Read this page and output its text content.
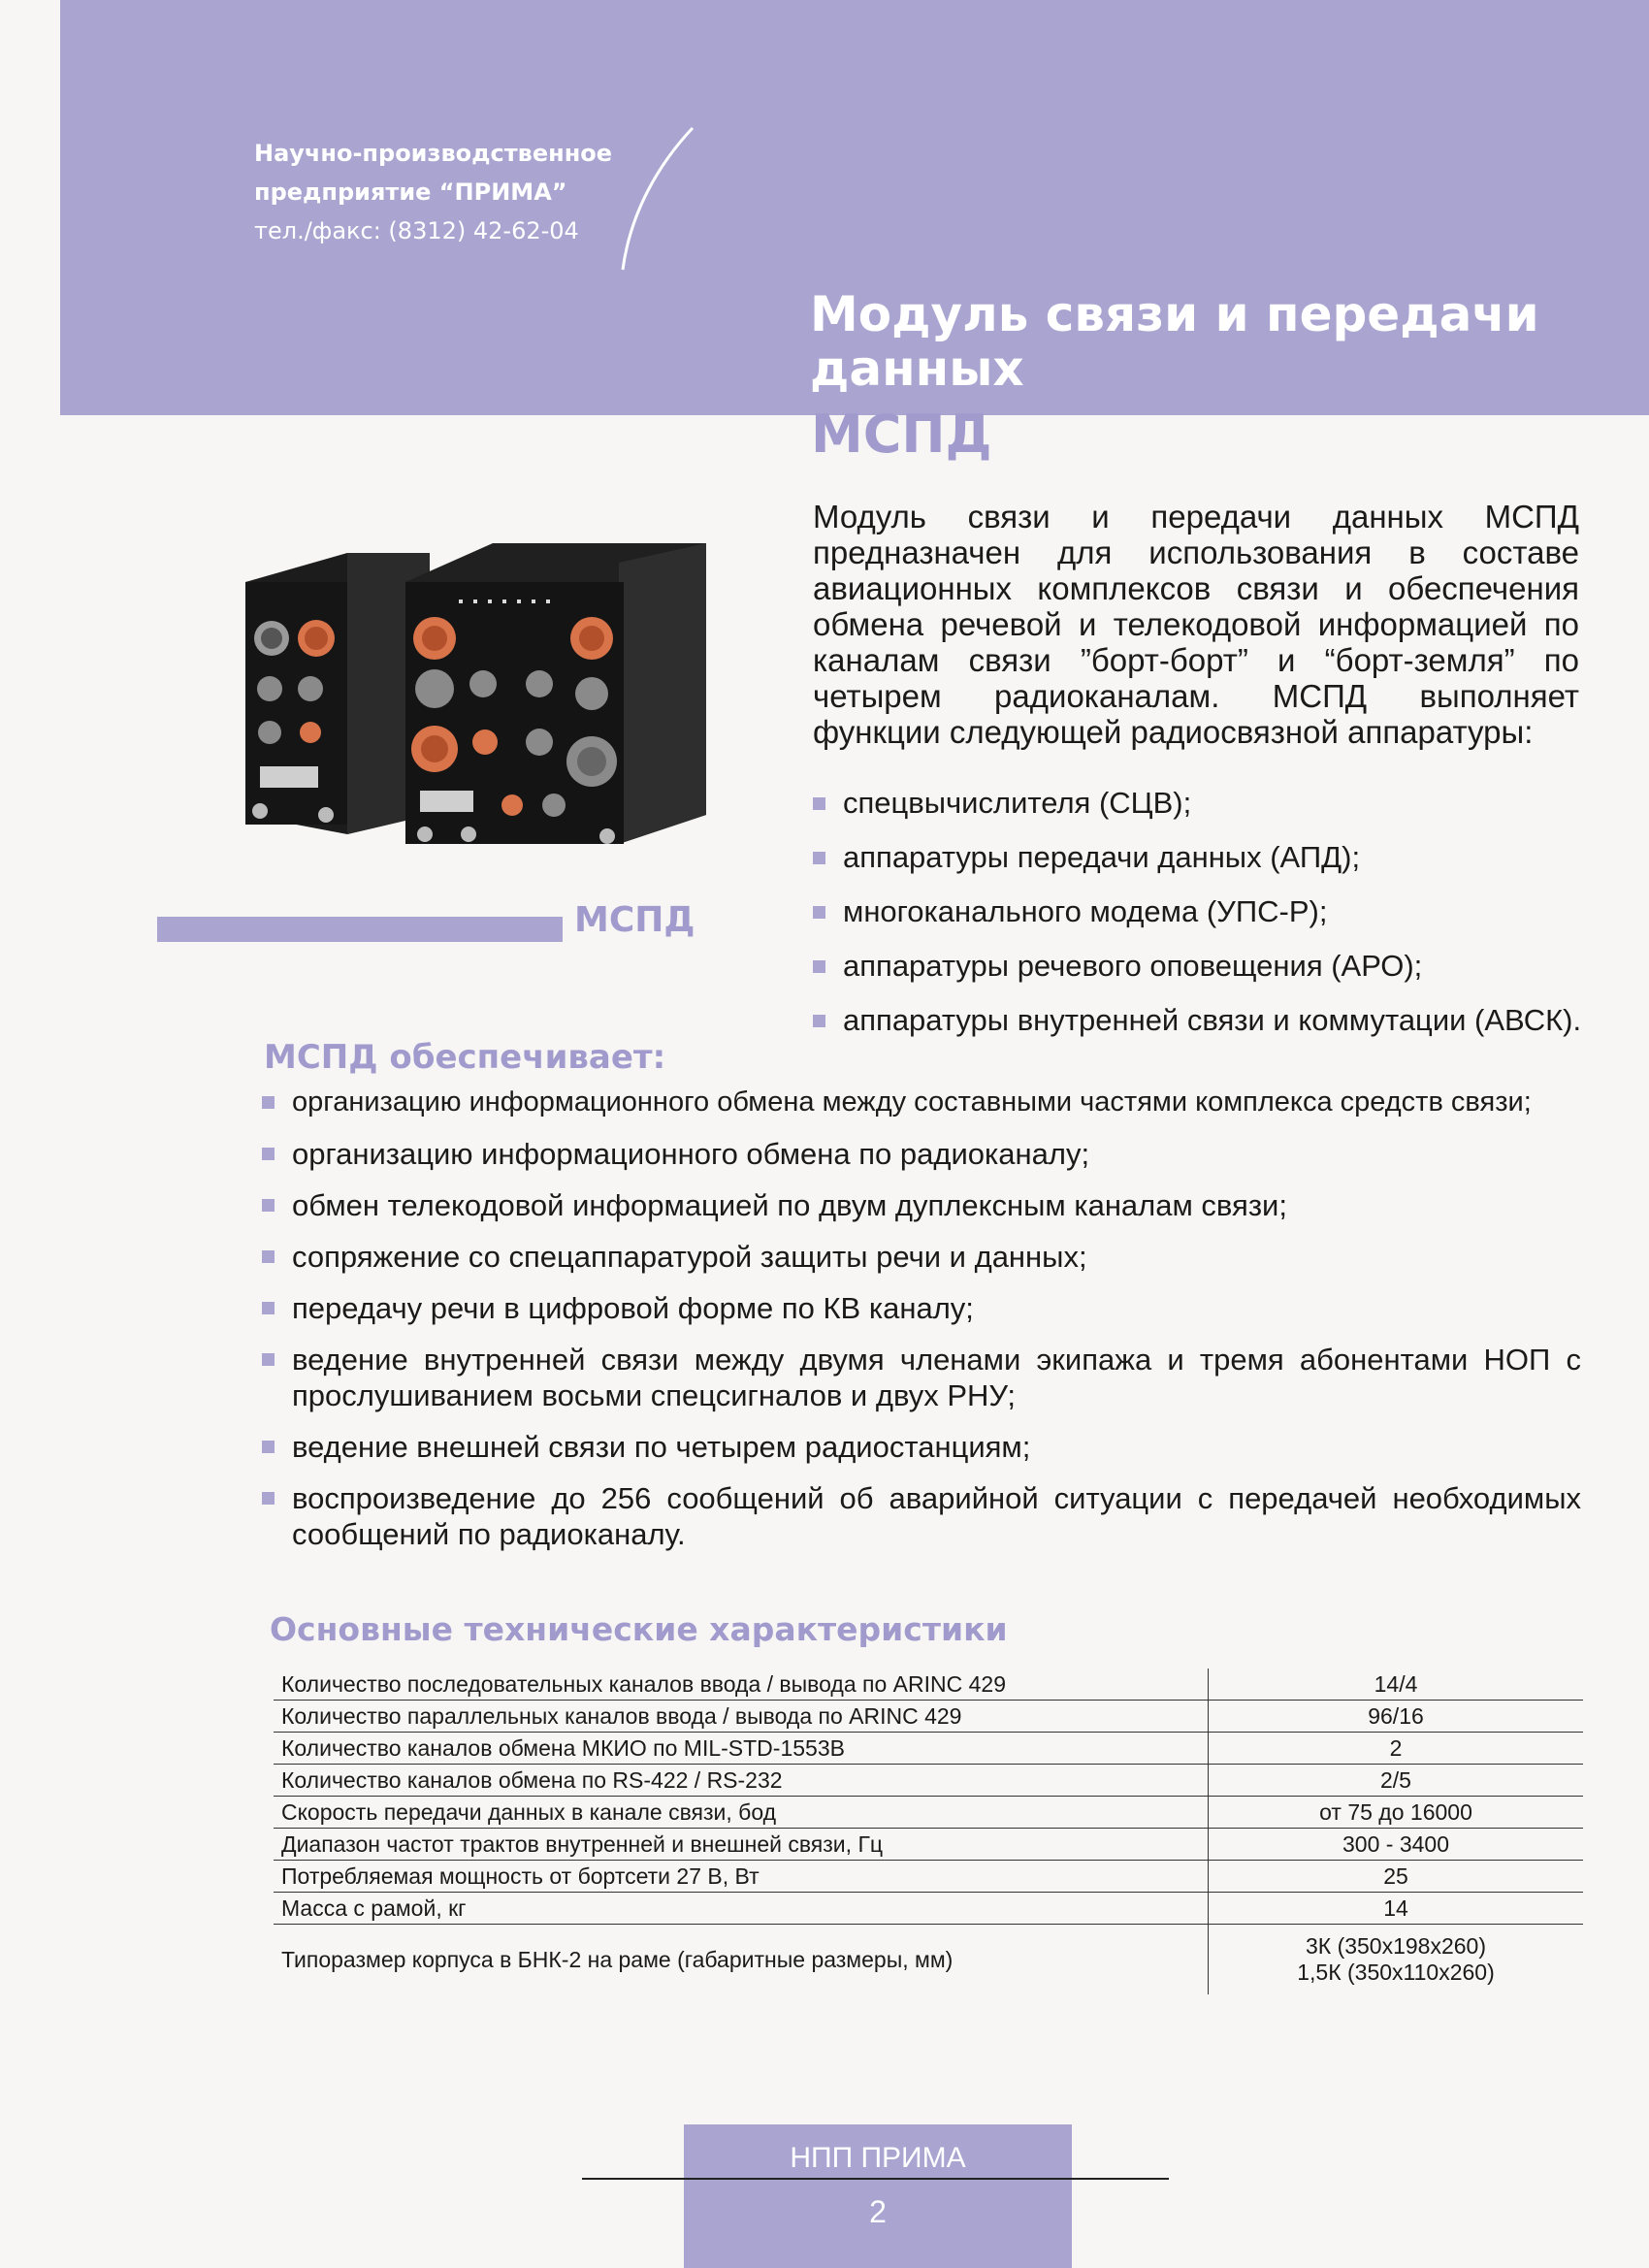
Научно-производственное
предприятие “ПРИМА”
тел./факс: (8312) 42-62-04
Модуль связи и передачи данных
МСПД
МСПД
Модуль связи и передачи данных МСПД предназначен для использования в составе авиационных комплексов связи и обеспечения обмена речевой и телекодовой информацией по каналам связи ”борт-борт” и “борт-земля” по четырем радиоканалам. МСПД выполняет функции следующей радиосвязной аппаратуры:
спецвычислителя (СЦВ);
аппаратуры передачи данных (АПД);
многоканального модема (УПС-Р);
аппаратуры речевого оповещения (АРО);
аппаратуры внутренней связи и коммутации (АВСК).
МСПД обеспечивает:
организацию информационного обмена между составными частями комплекса средств связи;
организацию информационного обмена по радиоканалу;
обмен телекодовой информацией по двум дуплексным каналам связи;
сопряжение со спецаппаратурой защиты речи и данных;
передачу речи в цифровой форме по КВ каналу;
ведение внутренней связи между двумя членами экипажа и тремя абонентами НОП с прослушиванием восьми спецсигналов и двух РНУ;
ведение внешней связи по четырем радиостанциям;
воспроизведение до 256 сообщений об аварийной ситуации с передачей необходимых сообщений по радиоканалу.
Основные технические характеристики
Количество последовательных каналов ввода / вывода по ARINC 429	14/4
Количество параллельных каналов ввода / вывода по ARINC 429	96/16
Количество каналов обмена МКИО по MIL-STD-1553B	2
Количество каналов обмена по RS-422 / RS-232	2/5
Скорость передачи данных в канале связи, бод	от 75 до 16000
Диапазон частот трактов внутренней и внешней связи, Гц	300 - 3400
Потребляемая мощность от бортсети 27 В, Вт	25
Масса с рамой, кг	14
Типоразмер корпуса в БНК-2 на раме (габаритные размеры, мм)	3К (350х198х260)
1,5К (350х110х260)
НПП ПРИМА
2
